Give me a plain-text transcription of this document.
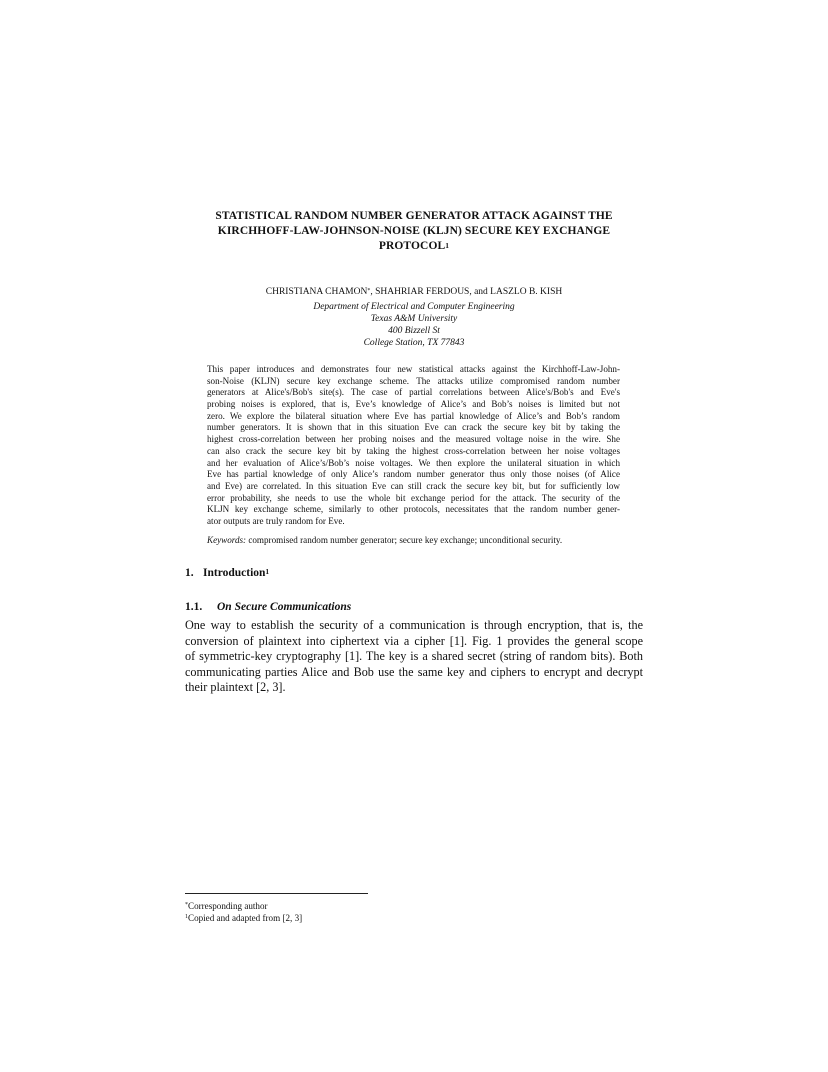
STATISTICAL RANDOM NUMBER GENERATOR ATTACK AGAINST THE
KIRCHHOFF-LAW-JOHNSON-NOISE (KLJN) SECURE KEY EXCHANGE
PROTOCOL$^1$
CHRISTIANA CHAMON*, SHAHRIAR FERDOUS, and LASZLO B. KISH
Department of Electrical and Computer Engineering
Texas A&M University
400 Bizzell St
College Station, TX 77843
This paper introduces and demonstrates four new statistical attacks against the Kirchhoff-Law-John-
son-Noise (KLJN) secure key exchange scheme. The attacks utilize compromised random number
generators at Alice's/Bob's site(s). The case of partial correlations between Alice's/Bob's and Eve's
probing noises is explored, that is, Eve’s knowledge of Alice’s and Bob’s noises is limited but not
zero. We explore the bilateral situation where Eve has partial knowledge of Alice’s and Bob’s random
number generators. It is shown that in this situation Eve can crack the secure key bit by taking the
highest cross-correlation between her probing noises and the measured voltage noise in the wire. She
can also crack the secure key bit by taking the highest cross-correlation between her noise voltages
and her evaluation of Alice’s/Bob’s noise voltages. We then explore the unilateral situation in which
Eve has partial knowledge of only Alice’s random number generator thus only those noises (of Alice
and Eve) are correlated. In this situation Eve can still crack the secure key bit, but for sufficiently low
error probability, she needs to use the whole bit exchange period for the attack. The security of the
KLJN key exchange scheme, similarly to other protocols, necessitates that the random number gener-
ator outputs are truly random for Eve.
Keywords: compromised random number generator; secure key exchange; unconditional security.
1. Introduction$^1$
1.1. On Secure Communications
One way to establish the security of a communication is through encryption, that is, the
conversion of plaintext into ciphertext via a cipher [1]. Fig. 1 provides the general scope
of symmetric-key cryptography [1]. The key is a shared secret (string of random bits). Both
communicating parties Alice and Bob use the same key and ciphers to encrypt and decrypt
their plaintext [2, 3].
*Corresponding author
$^1$Copied and adapted from [2, 3]
